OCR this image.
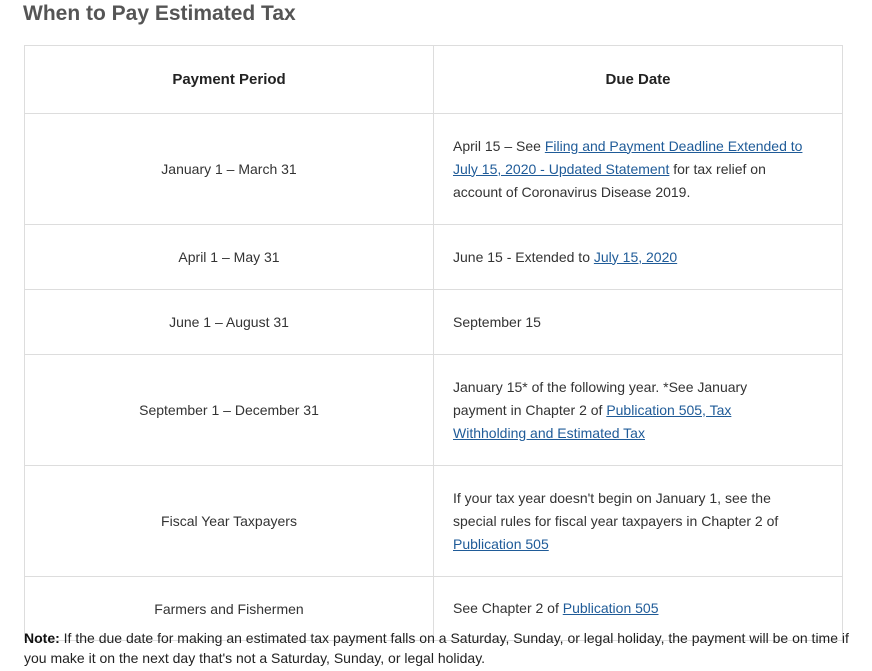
When to Pay Estimated Tax
Payment Period	Due Date
January 1 – March 31	April 15 – See Filing and Payment Deadline Extended to July 15, 2020 - Updated Statement for tax relief on account of Coronavirus Disease 2019.
April 1 – May 31	June 15 - Extended to July 15, 2020
June 1 – August 31	September 15
September 1 – December 31	January 15* of the following year. *See January payment in Chapter 2 of Publication 505, Tax Withholding and Estimated Tax
Fiscal Year Taxpayers	If your tax year doesn't begin on January 1, see the special rules for fiscal year taxpayers in Chapter 2 of Publication 505
Farmers and Fishermen	See Chapter 2 of Publication 505

Note: If the due date for making an estimated tax payment falls on a Saturday, Sunday, or legal holiday, the payment will be on time if you make it on the next day that's not a Saturday, Sunday, or legal holiday.
